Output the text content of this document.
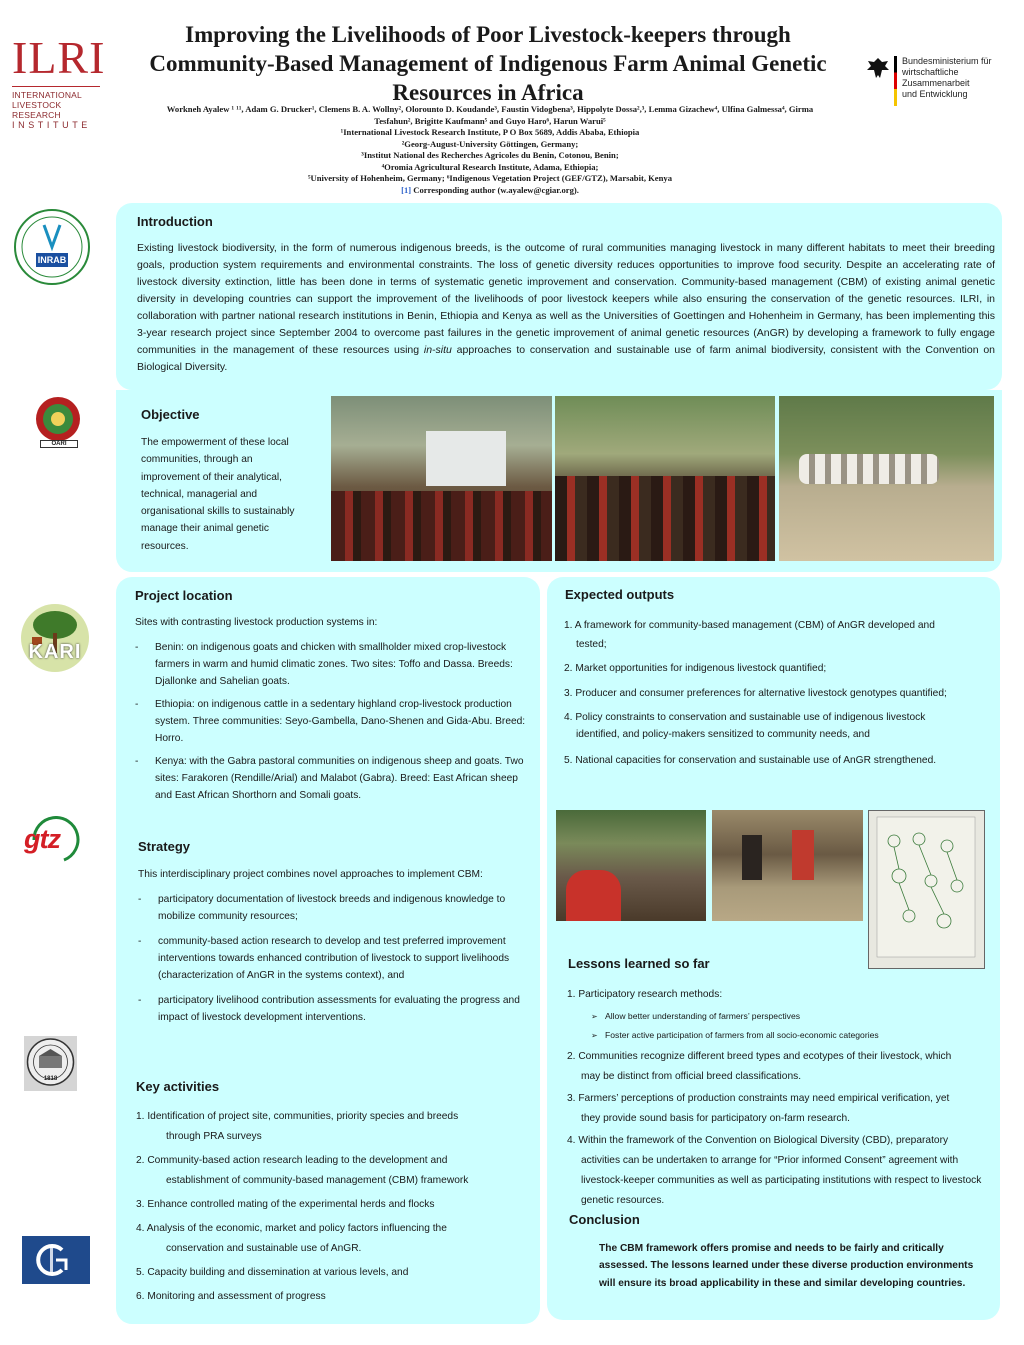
Improving the Livelihoods of Poor Livestock-keepers through Community-Based Management of Indigenous Farm Animal Genetic Resources in Africa
Workneh Ayalew ¹ ¹¹, Adam G. Drucker¹, Clemens B. A. Wollny², Olorounto D. Koudande³, Faustin Vidogbena³, Hippolyte Dossa²,³, Lemma Gizachew⁴, Ulfina Galmessa⁴, Girma
Tesfahun², Brigitte Kaufmann⁵ and Guyo Haro⁶, Harun Warui⁵
¹International Livestock Research Institute, P O Box 5689, Addis Ababa, Ethiopia
²Georg-August-University Göttingen, Germany;
³Institut National des Recherches Agricoles du Benin, Cotonou, Benin;
⁴Oromia Agricultural Research Institute, Adama, Ethiopia;
⁵University of Hohenheim, Germany; ⁶Indigenous Vegetation Project (GEF/GTZ), Marsabit, Kenya
[1] Corresponding author (w.ayalew@cgiar.org).
ILRI
INTERNATIONAL
LIVESTOCK RESEARCH
INSTITUTE
Bundesministerium für
wirtschaftliche Zusammenarbeit
und Entwicklung
INRAB
OARI
KARI
gtz
1818
Introduction

Existing livestock biodiversity, in the form of numerous indigenous breeds, is the outcome of rural communities managing livestock in many different habitats to meet their breeding goals, production system requirements and environmental constraints. The loss of genetic diversity reduces opportunities to improve food security. Despite an accelerating rate of livestock diversity extinction, little has been done in terms of systematic genetic improvement and conservation. Community-based management (CBM) of existing animal genetic diversity in developing countries can support the improvement of the livelihoods of poor livestock keepers while also ensuring the conservation of the genetic resources. ILRI, in collaboration with partner national research institutions in Benin, Ethiopia and Kenya as well as the Universities of Goettingen and Hohenheim in Germany, has been implementing this 3-year research project since September 2004 to overcome past failures in the genetic improvement of animal genetic resources (AnGR) by developing a framework to fully engage communities in the management of these resources using in-situ approaches to conservation and sustainable use of farm animal biodiversity, consistent with the Convention on Biological Diversity.

Objective
The empowerment of these local
communities, through an
improvement of their analytical,
technical, managerial and
organisational skills to sustainably
manage their animal genetic
resources.
Project location
Sites with contrasting livestock production systems in:
- Benin: on indigenous goats and chicken with smallholder mixed crop-livestock farmers in warm and humid climatic zones. Two sites: Toffo and Dassa. Breeds: Djallonke and Sahelian goats.
- Ethiopia: on indigenous cattle in a sedentary highland crop-livestock production system. Three communities: Seyo-Gambella, Dano-Shenen and Gida-Abu. Breed: Horro.
- Kenya: with the Gabra pastoral communities on indigenous sheep and goats. Two sites: Farakoren (Rendille/Arial) and Malabot (Gabra). Breed: East African sheep and East African Shorthorn and Somali goats.
Strategy
This interdisciplinary project combines novel approaches to implement CBM:
- participatory documentation of livestock breeds and indigenous knowledge to mobilize community resources;
- community-based action research to develop and test preferred improvement interventions towards enhanced contribution of livestock to support livelihoods (characterization of AnGR in the systems context), and
- participatory livelihood contribution assessments for evaluating the progress and impact of livestock development interventions.
Key activities
1. Identification of project site, communities, priority species and breeds
through PRA surveys
2. Community-based action research leading to the development and
establishment of community-based management (CBM) framework
3. Enhance controlled mating of the experimental herds and flocks
4. Analysis of the economic, market and policy factors influencing the
conservation and sustainable use of AnGR.
5. Capacity building and dissemination at various levels, and
6. Monitoring and assessment of progress
Expected outputs
1. A framework for community-based management (CBM) of AnGR developed and
tested;
2. Market opportunities for indigenous livestock quantified;
3. Producer and consumer preferences for alternative livestock genotypes quantified;
4. Policy constraints to conservation and sustainable use of indigenous livestock
identified, and policy-makers sensitized to community needs, and
5. National capacities for conservation and sustainable use of AnGR strengthened.
Lessons learned so far
1. Participatory research methods:
➢ Allow better understanding of farmers’ perspectives
➢ Foster active participation of farmers from all socio-economic categories
2. Communities recognize different breed types and ecotypes of their livestock, which
may be distinct from official breed classifications.
3. Farmers’ perceptions of production constraints may need empirical verification, yet
they provide sound basis for participatory on-farm research.
4. Within the framework of the Convention on Biological Diversity (CBD), preparatory
activities can be undertaken to arrange for “Prior informed Consent” agreement with livestock-keeper communities as well as participating institutions with respect to livestock genetic resources.
Conclusion
The CBM framework offers promise and needs to be fairly and critically assessed. The lessons learned under these diverse production environments will ensure its broad applicability in these and similar developing countries.
